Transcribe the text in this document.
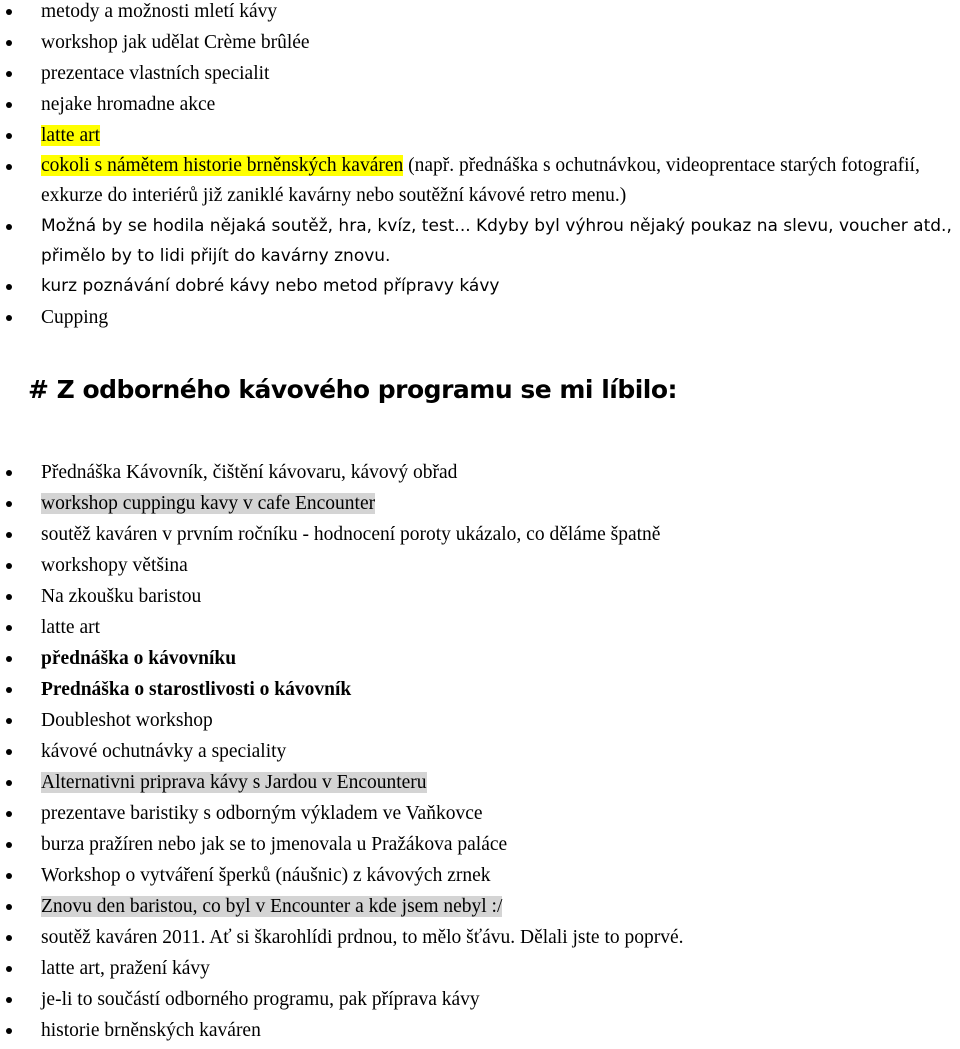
metody a možnosti mletí kávy
workshop jak udělat Crème brûlée
prezentace vlastních specialit
nejake hromadne akce
latte art
cokoli s námětem historie brněnských kaváren (např. přednáška s ochutnávkou, videoprentace starých fotografií, exkurze do interiérů již zaniklé kavárny nebo soutěžní kávové retro menu.)
Možná by se hodila nějaká soutěž, hra, kvíz, test... Kdyby byl výhrou nějaký poukaz na slevu, voucher atd., přimělo by to lidi přijít do kavárny znovu.
kurz poznávání dobré kávy nebo metod přípravy kávy
Cupping
# Z odborného kávového programu se mi líbilo:
Přednáška Kávovník, čištění kávovaru, kávový obřad
workshop cuppingu kavy v cafe Encounter
soutěž kaváren v prvním ročníku - hodnocení poroty ukázalo, co děláme špatně
workshopy většina
Na zkoušku baristou
latte art
přednáška o kávovníku
Prednáška o starostlivosti o kávovník
Doubleshot workshop
kávové ochutnávky a speciality
Alternativni priprava kávy s Jardou v Encounteru
prezentave baristiky s odborným výkladem ve Vaňkovce
burza pražíren nebo jak se to jmenovala u Pražákova paláce
Workshop o vytváření šperků (náušnic) z kávových zrnek
Znovu den baristou, co byl v Encounter a kde jsem nebyl :/
soutěž kaváren 2011. Ať si škarohlídi prdnou, to mělo šťávu. Dělali jste to poprvé.
latte art, pražení kávy
je-li to součástí odborného programu, pak příprava kávy
historie brněnských kaváren
